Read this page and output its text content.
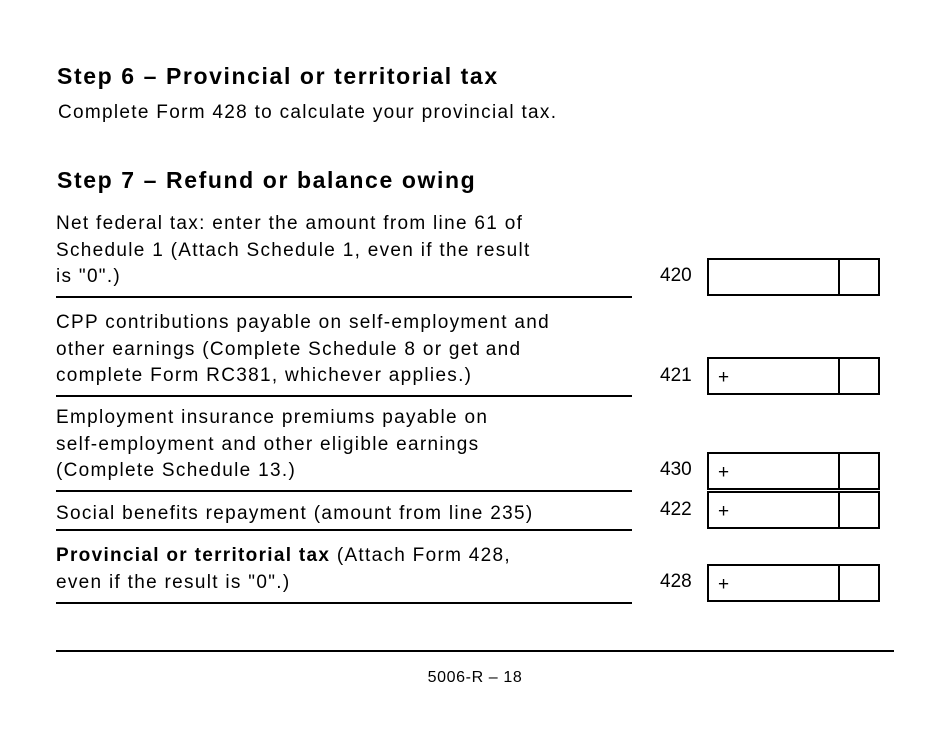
Step 6 – Provincial or territorial tax

Complete Form 428 to calculate your provincial tax.

Step 7 – Refund or balance owing
Net federal tax: enter the amount from line 61 of
Schedule 1 (Attach Schedule 1, even if the result
is "0".)	420
CPP contributions payable on self-employment and
other earnings (Complete Schedule 8 or get and
complete Form RC381, whichever applies.)	421	+
Employment insurance premiums payable on
self-employment and other eligible earnings
(Complete Schedule 13.)	430	+
Social benefits repayment (amount from line 235)	422	+
Provincial or territorial tax (Attach Form 428,
even if the result is "0".)	428	+
5006-R – 18
